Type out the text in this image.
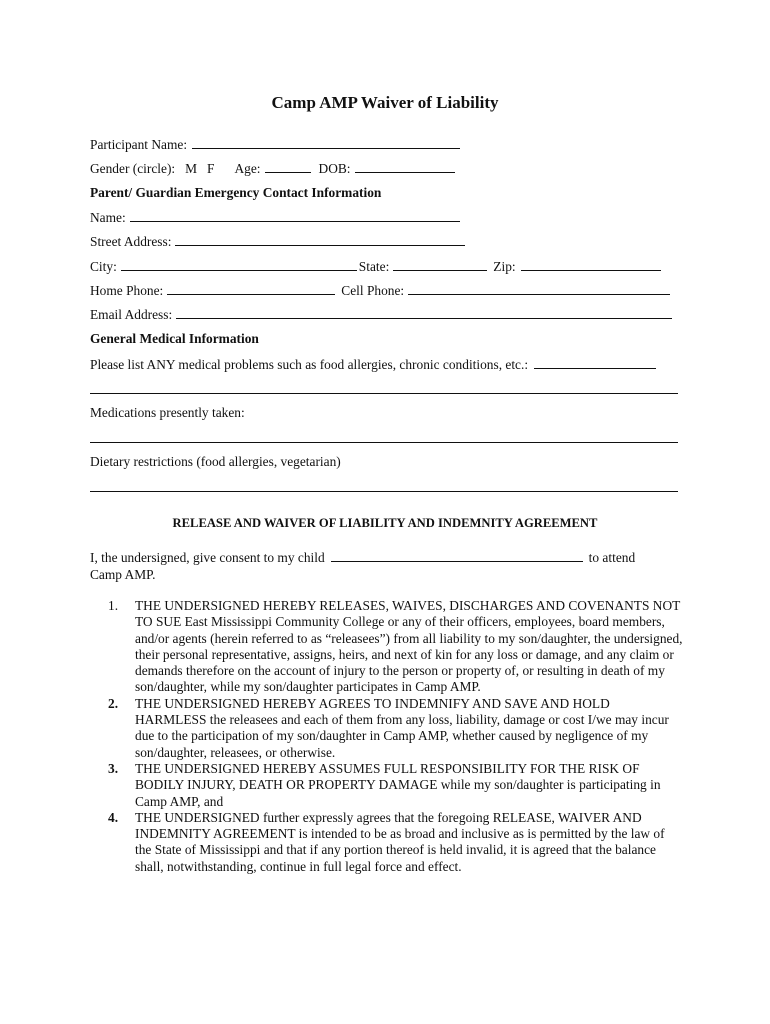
Camp AMP Waiver of Liability
Participant Name:
Gender (circle): M F Age:	DOB:
Parent/ Guardian Emergency Contact Information
Name:
Street Address:
City:	State:	Zip:
Home Phone:	Cell Phone:
Email Address:
General Medical Information
Please list ANY medical problems such as food allergies, chronic conditions, etc.:
Medications presently taken:
Dietary restrictions (food allergies, vegetarian)
RELEASE AND WAIVER OF LIABILITY AND INDEMNITY AGREEMENT
I, the undersigned, give consent to my child	to attend
Camp AMP.
1.	THE UNDERSIGNED HEREBY RELEASES, WAIVES, DISCHARGES AND COVENANTS NOT TO SUE East Mississippi Community College or any of their officers, employees, board members, and/or agents (herein referred to as “releasees”) from all liability to my son/daughter, the undersigned, their personal representative, assigns, heirs, and next of kin for any loss or damage, and any claim or demands therefore on the account of injury to the person or property of, or resulting in death of my son/daughter, while my son/daughter participates in Camp AMP.
2.	THE UNDERSIGNED HEREBY AGREES TO INDEMNIFY AND SAVE AND HOLD HARMLESS the releasees and each of them from any loss, liability, damage or cost I/we may incur due to the participation of my son/daughter in Camp AMP, whether caused by negligence of my son/daughter, releasees, or otherwise.
3.	THE UNDERSIGNED HEREBY ASSUMES FULL RESPONSIBILITY FOR THE RISK OF BODILY INJURY, DEATH OR PROPERTY DAMAGE while my son/daughter is participating in Camp AMP, and
4.	THE UNDERSIGNED further expressly agrees that the foregoing RELEASE, WAIVER AND INDEMNITY AGREEMENT is intended to be as broad and inclusive as is permitted by the law of the State of Mississippi and that if any portion thereof is held invalid, it is agreed that the balance shall, notwithstanding, continue in full legal force and effect.
